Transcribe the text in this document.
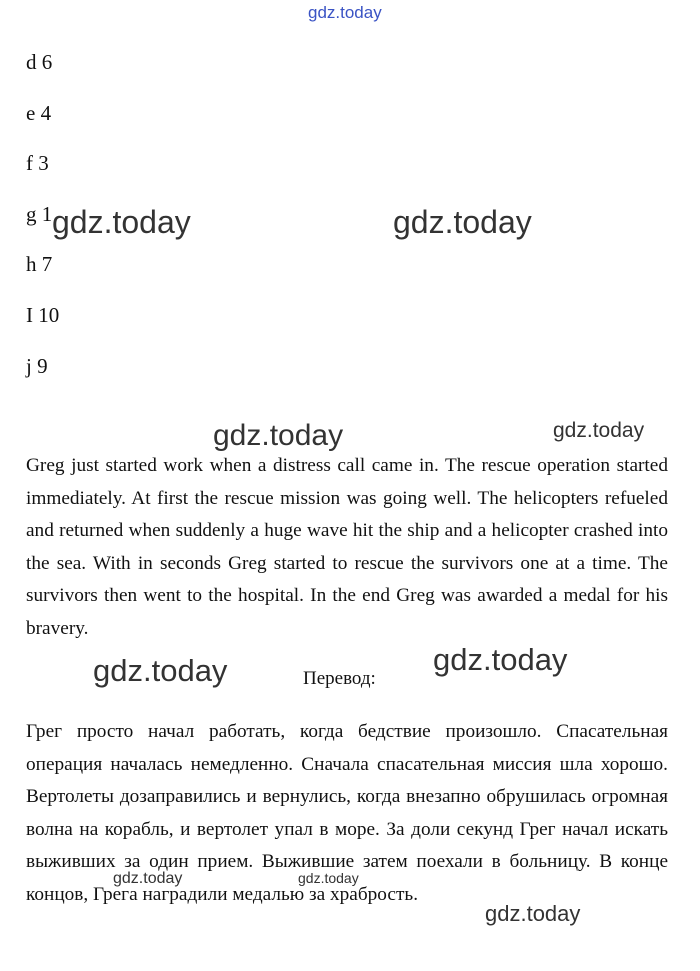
gdz.today
gdz.today	gdz.today
gdz.today	gdz.today
gdz.today	gdz.today
gdz.today	gdz.today
gdz.today
d 6
e 4
f 3
g 1
h 7
I 10
j 9

Greg just started work when a distress call came in. The rescue operation started immediately. At first the rescue mission was going well. The helicopters refueled and returned when suddenly a huge wave hit the ship and a helicopter crashed into the sea. With in seconds Greg started to rescue the survivors one at a time. The survivors then went to the hospital. In the end Greg was awarded a medal for his bravery.

Перевод:

Грег просто начал работать, когда бедствие произошло. Спасательная операция началась немедленно. Сначала спасательная миссия шла хорошо. Вертолеты дозаправились и вернулись, когда внезапно обрушилась огромная волна на корабль, и вертолет упал в море. За доли секунд Грег начал искать выживших за один прием. Выжившие затем поехали в больницу. В конце концов, Грега наградили медалью за храбрость.
